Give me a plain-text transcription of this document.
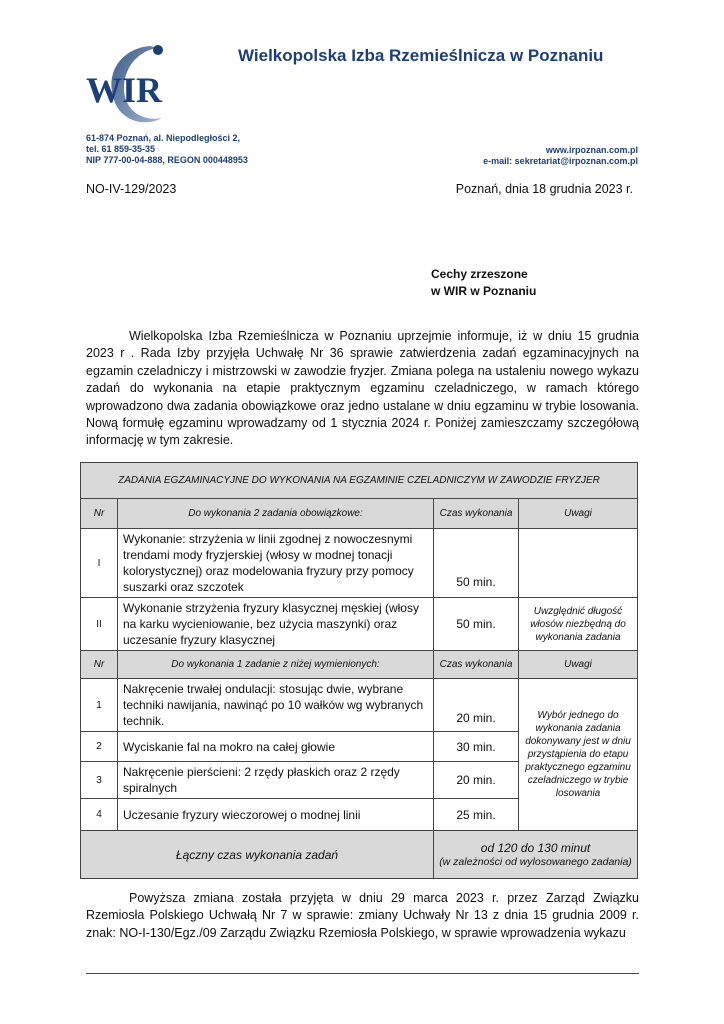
WIR
Wielkopolska Izba Rzemieślnicza w Poznaniu
61-874 Poznań, al. Niepodległości 2,
tel. 61 859-35-35
NIP 777-00-04-888, REGON 000448953
www.irpoznan.com.pl
e-mail: sekretariat@irpoznan.com.pl
NO-IV-129/2023	Poznań, dnia 18 grudnia 2023 r.
Cechy zrzeszone
w WIR w Poznaniu
Wielkopolska Izba Rzemieślnicza w Poznaniu uprzejmie informuje, iż w dniu 15 grudnia 2023 r . Rada Izby przyjęła Uchwałę Nr 36 sprawie zatwierdzenia zadań egzaminacyjnych na egzamin czeladniczy i mistrzowski w zawodzie fryzjer. Zmiana polega na ustaleniu nowego wykazu zadań do wykonania na etapie praktycznym egzaminu czeladniczego, w ramach którego wprowadzono dwa zadania obowiązkowe oraz jedno ustalane w dniu egzaminu w trybie losowania. Nową formułę egzaminu wprowadzamy od 1 stycznia 2024 r. Poniżej zamieszczamy szczegółową informację w tym zakresie.
ZADANIA EGZAMINACYJNE DO WYKONANIA NA EGZAMINIE CZELADNICZYM W ZAWODZIE FRYZJER			
Nr	Do wykonania 2 zadania obowiązkowe:	Czas wykonania	Uwagi
I	Wykonanie: strzyżenia w linii zgodnej z nowoczesnymi trendami mody fryzjerskiej (włosy w modnej tonacji kolorystycznej) oraz modelowania fryzury przy pomocy suszarki oraz szczotek	50 min.	
II	Wykonanie strzyżenia fryzury klasycznej męskiej (włosy na karku wycieniowanie, bez użycia maszynki) oraz uczesanie fryzury klasycznej	50 min.	Uwzględnić długość włosów niezbędną do wykonania zadania
Nr	Do wykonania 1 zadanie z niżej wymienionych:	Czas wykonania	Uwagi
1	Nakręcenie trwałej ondulacji: stosując dwie, wybrane techniki nawijania, nawinąć po 10 wałków wg wybranych technik.	20 min.	Wybór jednego do wykonania zadania dokonywany jest w dniu przystąpienia do etapu praktycznego egzaminu czeladniczego w trybie losowania
2	Wyciskanie fal na mokro na całej głowie	30 min.	
3	Nakręcenie pierścieni: 2 rzędy płaskich oraz 2 rzędy spiralnych	20 min.	
4	Uczesanie fryzury wieczorowej o modnej linii	25 min.	
Łączny czas wykonania zadań		od 120 do 130 minut
(w zależności od wylosowanego zadania)	
Powyższa zmiana została przyjęta w dniu 29 marca 2023 r. przez Zarząd Związku Rzemiosła Polskiego Uchwałą Nr 7 w sprawie: zmiany Uchwały Nr 13 z dnia 15 grudnia 2009 r. znak: NO-I-130/Egz./09 Zarządu Związku Rzemiosła Polskiego, w sprawie wprowadzenia wykazu
